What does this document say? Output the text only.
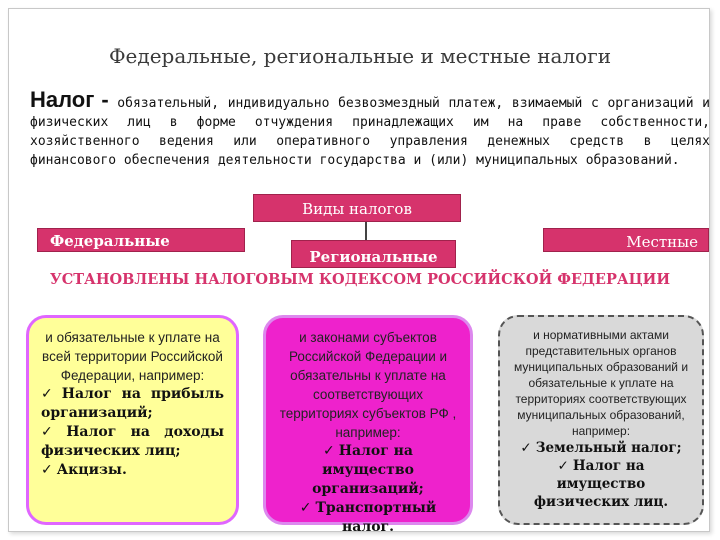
Федеральные, региональные и местные налоги
Налог - обязательный, индивидуально безвозмездный платеж, взимаемый с организаций и физических лиц в форме отчуждения принадлежащих им на праве собственности, хозяйственного ведения или оперативного управления денежных средств в целях финансового обеспечения деятельности государства и (или) муниципальных образований.
Виды налогов
Федеральные	Местные
Региональные
УСТАНОВЛЕНЫ НАЛОГОВЫМ КОДЕКСОМ РОССИЙСКОЙ ФЕДЕРАЦИИ
и обязательные к уплате на всей территории Российской Федерации, например:
✓ Налог на прибыль организаций;
✓ Налог на доходы физических лиц;
✓ Акцизы.
и законами субъектов Российской Федерации и обязательны к уплате на соответствующих территориях субъектов РФ , например:
✓ Налог на имущество организаций;
✓ Транспортный налог.
и нормативными актами представительных органов муниципальных образований и обязательные к уплате на территориях соответствующих муниципальных образований, например:
✓ Земельный налог;
✓ Налог на имущество физических лиц.
